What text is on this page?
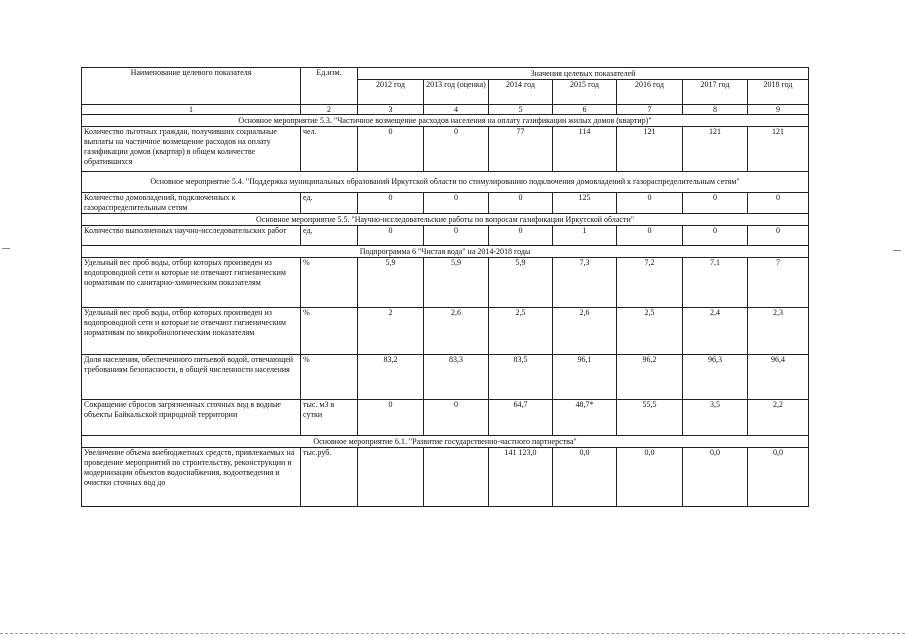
Наименование целевого показателя	Ед.изм.	Значения целевых показателей						
		2012 год	2013 год (оценка)	2014 год	2015 год	2016 год	2017 год	2018 год
1	2	3	4	5	6	7	8	9
Основное мероприятие 5.3. "Частичное возмещение расходов населения на оплату газификации жилых домов (квартир)"								
Количество льготных граждан, получивших социальные выплаты на частичное возмещение расходов на оплату газификации домов (квартир) в общем количестве обратившихся	чел.	0	0	77	114	121	121	121
Основное мероприятие 5.4. "Поддержка муниципальных образований Иркутской области по стимулированию подключения домовладений к газораспределительным сетям"								
Количество домовладений, подключенных к газораспределительным сетям	ед.	0	0	0	125	0	0	0
Основное мероприятие 5.5. "Научно-исследовательские работы по вопросам газификации Иркутской области"								
Количество выполненных научно-исследовательских работ	ед.	0	0	0	1	0	0	0
Подпрограмма 6 "Чистая вода" на 2014-2018 годы								
Удельный вес проб воды, отбор которых произведен из водопроводной сети и которые не отвечают гигиеническим нормативам по санитарно-химическим показателям	%	5,9	5,9	5,9	7,3	7,2	7,1	7
Удельный вес проб воды, отбор которых произведен из водопроводной сети и которые не отвечают гигиеническим нормативам по микробиологическим показателям	%	2	2,6	2,5	2,6	2,5	2,4	2,3
Доля населения, обеспеченного питьевой водой, отвечающей требованиям безопасности, в общей численности населения	%	83,2	83,3	83,5	96,1	96,2	96,3	96,4
Сокращение сбросов загрязненных сточных вод в водные объекты Байкальской природной территории	тыс. м3 в сутки	0	0	64,7	48,7*	55,5	3,5	2,2
Основное мероприятие 6.1. "Развитие государственно-частного партнерства"								
Увеличение объема внебюджетных средств, привлекаемых на проведение мероприятий по строительству, реконструкции и модернизации объектов водоснабжения, водоотведения и очистки сточных вод до	тыс.руб.			141 123,0	0,0	0,0	0,0	0,0
